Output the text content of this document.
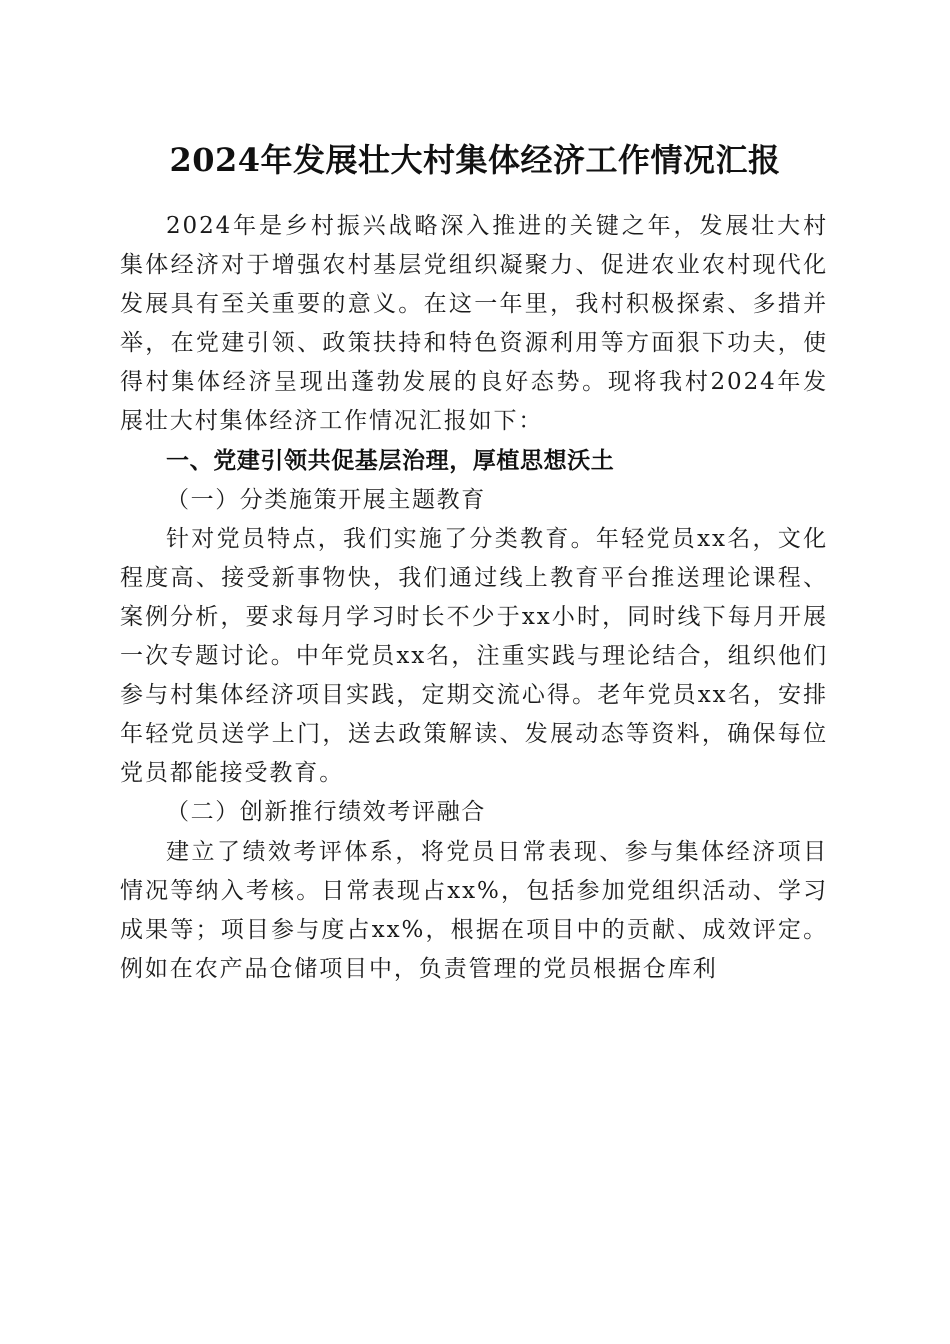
2024年发展壮大村集体经济工作情况汇报

2024年是乡村振兴战略深入推进的关键之年，发展壮大村集体经济对于增强农村基层党组织凝聚力、促进农业农村现代化发展具有至关重要的意义。在这一年里，我村积极探索、多措并举，在党建引领、政策扶持和特色资源利用等方面狠下功夫，使得村集体经济呈现出蓬勃发展的良好态势。现将我村2024年发展壮大村集体经济工作情况汇报如下：

一、党建引领共促基层治理，厚植思想沃土

（一）分类施策开展主题教育

针对党员特点，我们实施了分类教育。年轻党员xx名，文化程度高、接受新事物快，我们通过线上教育平台推送理论课程、案例分析，要求每月学习时长不少于xx小时，同时线下每月开展一次专题讨论。中年党员xx名，注重实践与理论结合，组织他们参与村集体经济项目实践，定期交流心得。老年党员xx名，安排年轻党员送学上门，送去政策解读、发展动态等资料，确保每位党员都能接受教育。

（二）创新推行绩效考评融合

建立了绩效考评体系，将党员日常表现、参与集体经济项目情况等纳入考核。日常表现占xx%，包括参加党组织活动、学习成果等；项目参与度占xx%，根据在项目中的贡献、成效评定。例如在农产品仓储项目中，负责管理的党员根据仓库利
